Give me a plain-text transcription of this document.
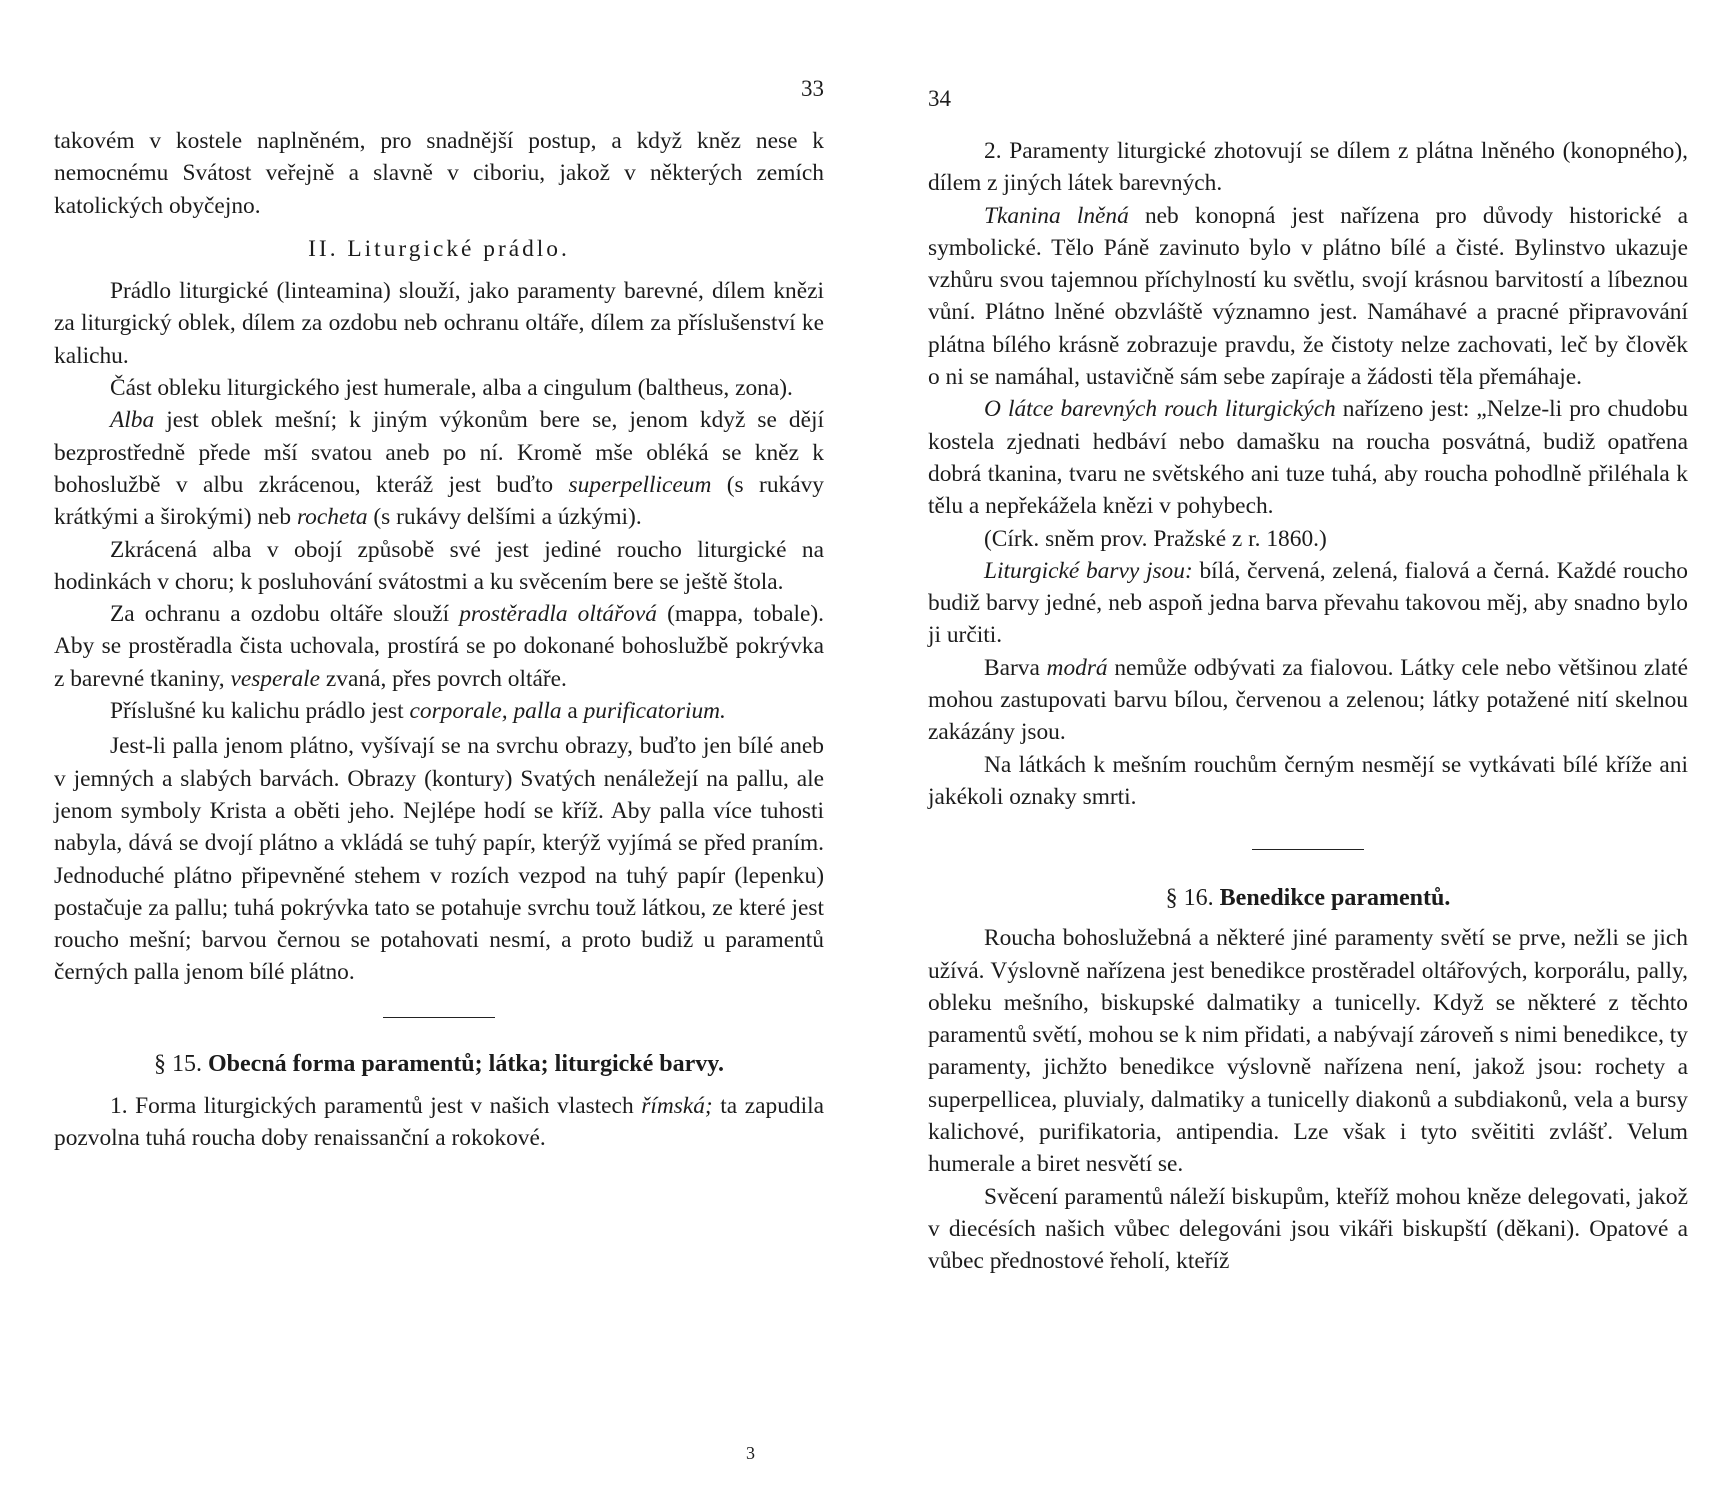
33

takovém v kostele naplněném, pro snadnější postup, a když kněz nese k nemocnému Svátost veřejně a slavně v ciboriu, jakož v některých zemích katolických obyčejno.

II. Liturgické prádlo.

Prádlo liturgické (linteamina) slouží, jako paramenty barevné, dílem knězi za liturgický oblek, dílem za ozdobu neb ochranu oltáře, dílem za příslušenství ke kalichu.

Část obleku liturgického jest humerale, alba a cingulum (baltheus, zona).

Alba jest oblek mešní; k jiným výkonům bere se, jenom když se dějí bezprostředně přede mší svatou aneb po ní. Kromě mše obléká se kněz k bohoslužbě v albu zkrácenou, kteráž jest buďto superpelliceum (s rukávy krátkými a širokými) neb rocheta (s rukávy delšími a úzkými).

Zkrácená alba v obojí způsobě své jest jediné roucho liturgické na hodinkách v choru; k posluhování svátostmi a ku svěcením bere se ještě štola.

Za ochranu a ozdobu oltáře slouží prostěradla oltářová (mappa, tobale). Aby se prostěradla čista uchovala, prostírá se po dokonané bohoslužbě pokrývka z barevné tkaniny, vesperale zvaná, přes povrch oltáře.

Příslušné ku kalichu prádlo jest corporale, palla a purificatorium.

Jest-li palla jenom plátno, vyšívají se na svrchu obrazy, buďto jen bílé aneb v jemných a slabých barvách. Obrazy (kontury) Svatých nenáležejí na pallu, ale jenom symboly Krista a oběti jeho. Nejlépe hodí se kříž. Aby palla více tuhosti nabyla, dává se dvojí plátno a vkládá se tuhý papír, kterýž vyjímá se před praním. Jednoduché plátno připevněné stehem v rozích vezpod na tuhý papír (lepenku) postačuje za pallu; tuhá pokrývka tato se potahuje svrchu touž látkou, ze které jest roucho mešní; barvou černou se potahovati nesmí, a proto budiž u paramentů černých palla jenom bílé plátno.

§ 15. Obecná forma paramentů; látka; liturgické barvy.

1. Forma liturgických paramentů jest v našich vlastech římská; ta zapudila pozvolna tuhá roucha doby renaissanční a rokokové.

3
34

2. Paramenty liturgické zhotovují se dílem z plátna lněného (konopného), dílem z jiných látek barevných.

Tkanina lněná neb konopná jest nařízena pro důvody historické a symbolické. Tělo Páně zavinuto bylo v plátno bílé a čisté. Bylinstvo ukazuje vzhůru svou tajemnou příchylností ku světlu, svojí krásnou barvitostí a líbeznou vůní. Plátno lněné obzvláště významno jest. Namáhavé a pracné připravování plátna bílého krásně zobrazuje pravdu, že čistoty nelze zachovati, leč by člověk o ni se namáhal, ustavičně sám sebe zapíraje a žádosti těla přemáhaje.

O látce barevných rouch liturgických nařízeno jest: „Nelze-li pro chudobu kostela zjednati hedbáví nebo damašku na roucha posvátná, budiž opatřena dobrá tkanina, tvaru ne světského ani tuze tuhá, aby roucha pohodlně přiléhala k tělu a nepřekážela knězi v pohybech.

(Círk. sněm prov. Pražské z r. 1860.)

Liturgické barvy jsou: bílá, červená, zelená, fialová a černá. Každé roucho budiž barvy jedné, neb aspoň jedna barva převahu takovou měj, aby snadno bylo ji určiti.

Barva modrá nemůže odbývati za fialovou. Látky cele nebo většinou zlaté mohou zastupovati barvu bílou, červenou a zelenou; látky potažené nití skelnou zakázány jsou.

Na látkách k mešním rouchům černým nesmějí se vytkávati bílé kříže ani jakékoli oznaky smrti.

§ 16. Benedikce paramentů.

Roucha bohoslužebná a některé jiné paramenty světí se prve, nežli se jich užívá. Výslovně nařízena jest benedikce prostěradel oltářových, korporálu, pally, obleku mešního, biskupské dalmatiky a tunicelly. Když se některé z těchto paramentů světí, mohou se k nim přidati, a nabývají zároveň s nimi benedikce, ty paramenty, jichžto benedikce výslovně nařízena není, jakož jsou: rochety a superpellicea, pluvialy, dalmatiky a tunicelly diakonů a subdiakonů, vela a bursy kalichové, purifikatoria, antipendia. Lze však i tyto svěititi zvlášť. Velum humerale a biret nesvětí se.

Svěcení paramentů náleží biskupům, kteříž mohou kněze delegovati, jakož v diecésích našich vůbec delegováni jsou vikáři biskupští (děkani). Opatové a vůbec přednostové řeholí, kteříž
